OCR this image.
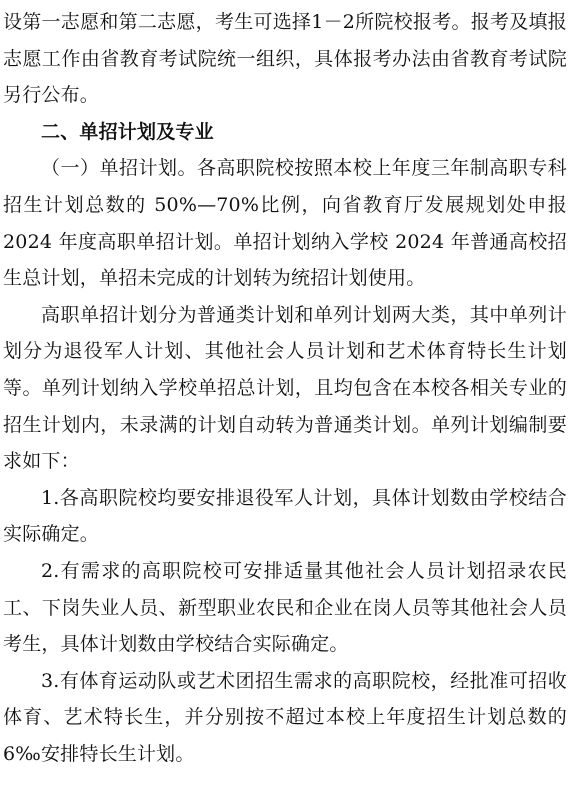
设第一志愿和第二志愿，考生可选择1－2所院校报考。报考及填报志愿工作由省教育考试院统一组织，具体报考办法由省教育考试院另行公布。

二、单招计划及专业

（一）单招计划。各高职院校按照本校上年度三年制高职专科招生计划总数的 50%—70%比例，向省教育厅发展规划处申报 2024 年度高职单招计划。单招计划纳入学校 2024 年普通高校招生总计划，单招未完成的计划转为统招计划使用。

高职单招计划分为普通类计划和单列计划两大类，其中单列计划分为退役军人计划、其他社会人员计划和艺术体育特长生计划等。单列计划纳入学校单招总计划，且均包含在本校各相关专业的招生计划内，未录满的计划自动转为普通类计划。单列计划编制要求如下：

1.各高职院校均要安排退役军人计划，具体计划数由学校结合实际确定。

2.有需求的高职院校可安排适量其他社会人员计划招录农民工、下岗失业人员、新型职业农民和企业在岗人员等其他社会人员考生，具体计划数由学校结合实际确定。

3.有体育运动队或艺术团招生需求的高职院校，经批准可招收体育、艺术特长生，并分别按不超过本校上年度招生计划总数的6‰安排特长生计划。
